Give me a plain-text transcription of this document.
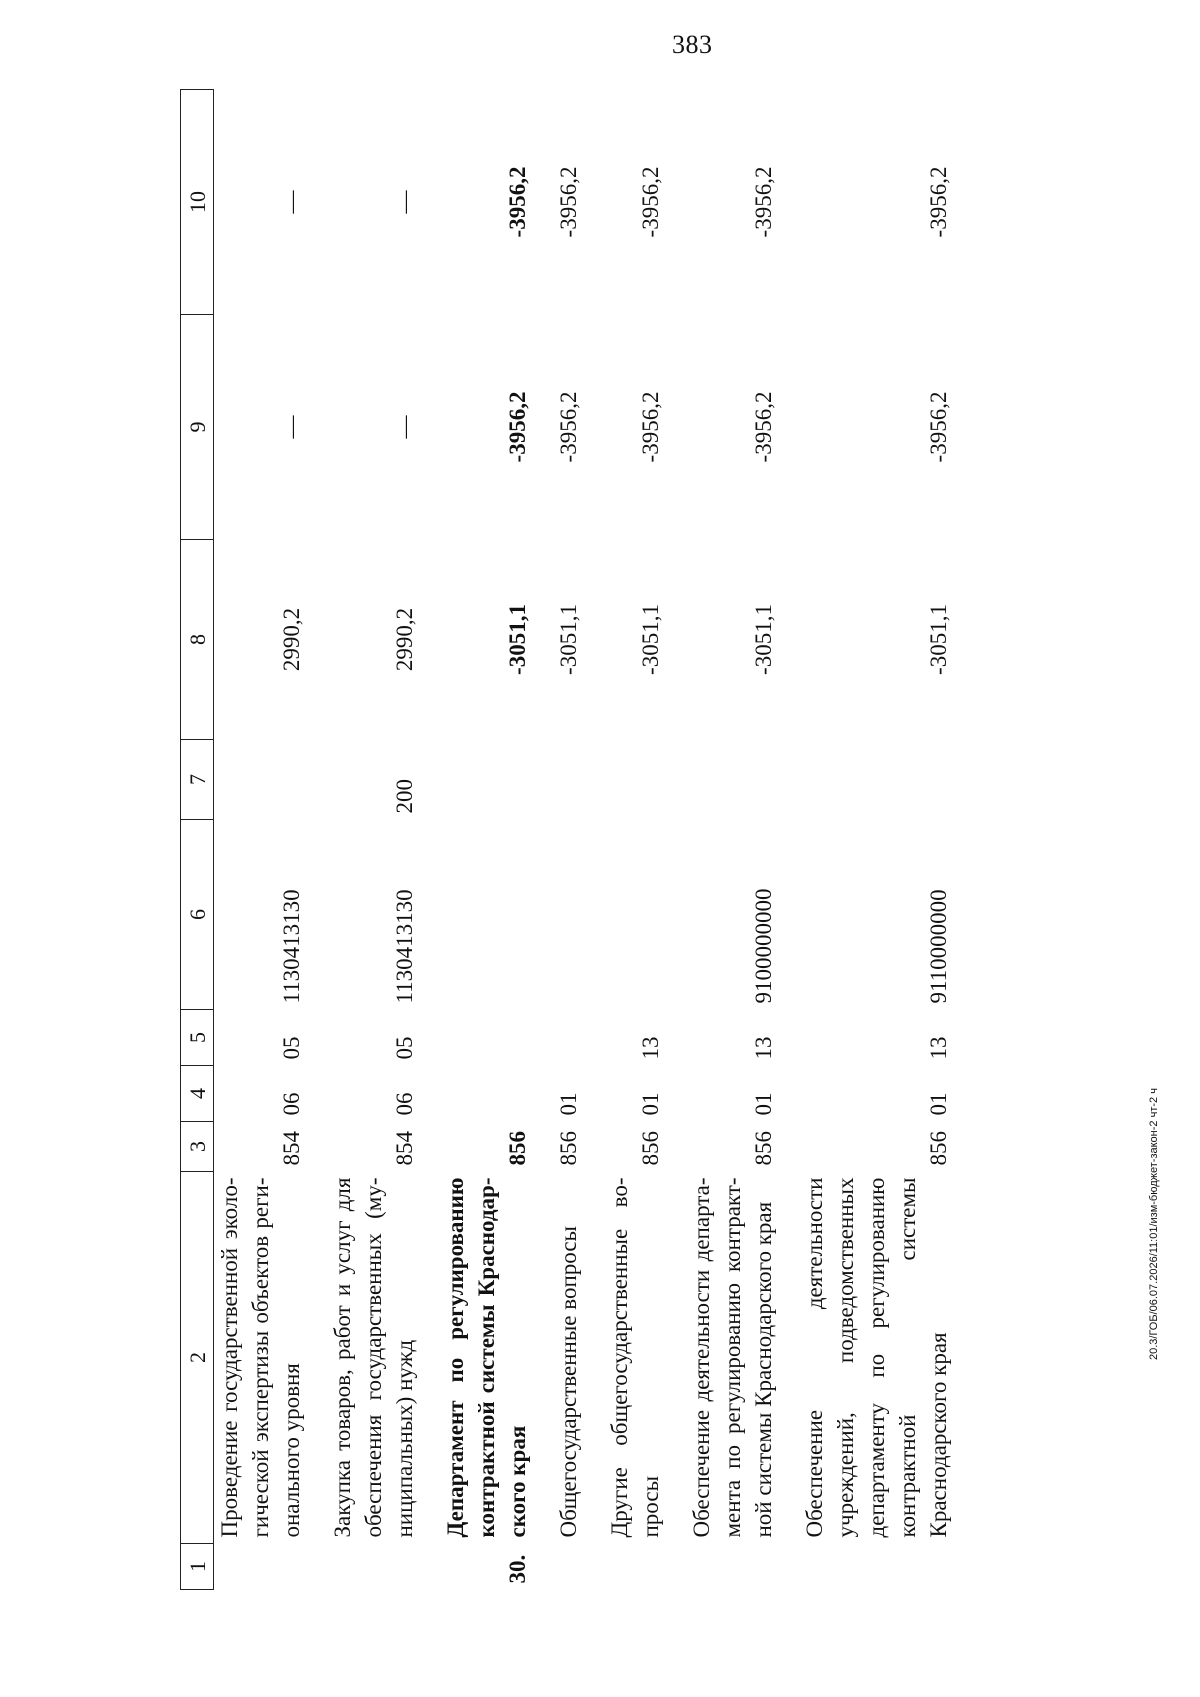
383
1	2	3	4	5	6	7	8	9	10
	Проведение государственной экологической экспертизы объектов регионального уровня	854	06	05	1130413130		2990,2	—	—
	Закупка товаров, работ и услуг для обеспечения государственных (муниципальных) нужд	854	06	05	1130413130	200	2990,2	—	—
30.	Департамент по регулированию контрактной системы Краснодарского края	856					-3051,1	-3956,2	-3956,2
	Общегосударственные вопросы	856	01				-3051,1	-3956,2	-3956,2
	Другие общегосударственные вопросы	856	01	13			-3051,1	-3956,2	-3956,2
	Обеспечение деятельности департамента по регулированию контрактной системы Краснодарского края	856	01	13	9100000000		-3051,1	-3956,2	-3956,2
	Обеспечение деятельности учреждений, подведомственных департаменту по регулированию контрактной системы Краснодарского края	856	01	13	9110000000		-3051,1	-3956,2	-3956,2
20.3/ГОБ/06.07.2026/11:01/изм-бюджет-закон-2 чт-2 ч
